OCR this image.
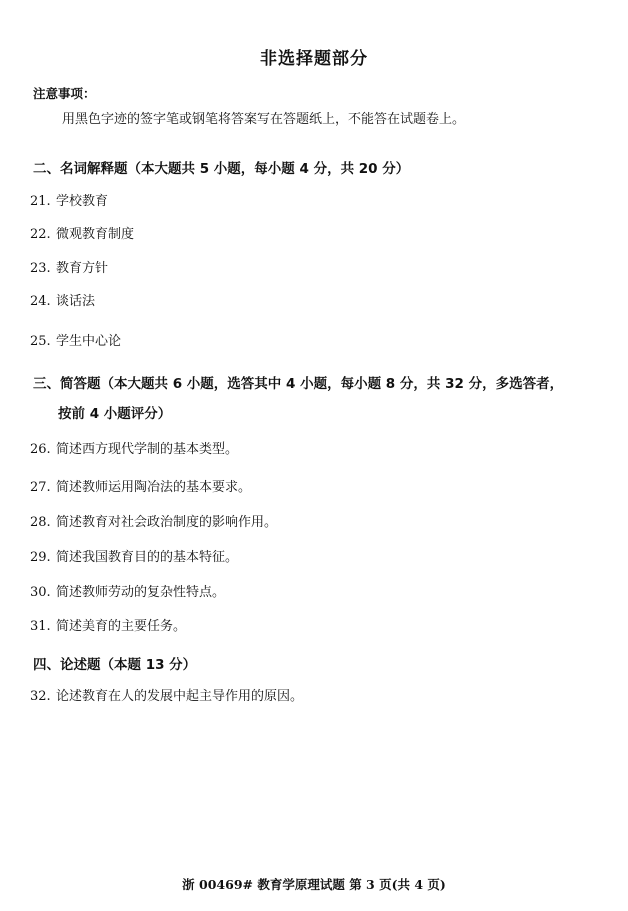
非选择题部分
注意事项：
用黑色字迹的签字笔或钢笔将答案写在答题纸上，不能答在试题卷上。
二、名词解释题（本大题共 5 小题，每小题 4 分，共 20 分）
21. 学校教育
22. 微观教育制度
23. 教育方针
24. 谈话法
25. 学生中心论
三、简答题（本大题共 6 小题，选答其中 4 小题，每小题 8 分，共 32 分，多选答者，
按前 4 小题评分）
26. 简述西方现代学制的基本类型。
27. 简述教师运用陶冶法的基本要求。
28. 简述教育对社会政治制度的影响作用。
29. 简述我国教育目的的基本特征。
30. 简述教师劳动的复杂性特点。
31. 简述美育的主要任务。
四、论述题（本题 13 分）
32. 论述教育在人的发展中起主导作用的原因。
浙 00469# 教育学原理试题 第 3 页(共 4 页)
